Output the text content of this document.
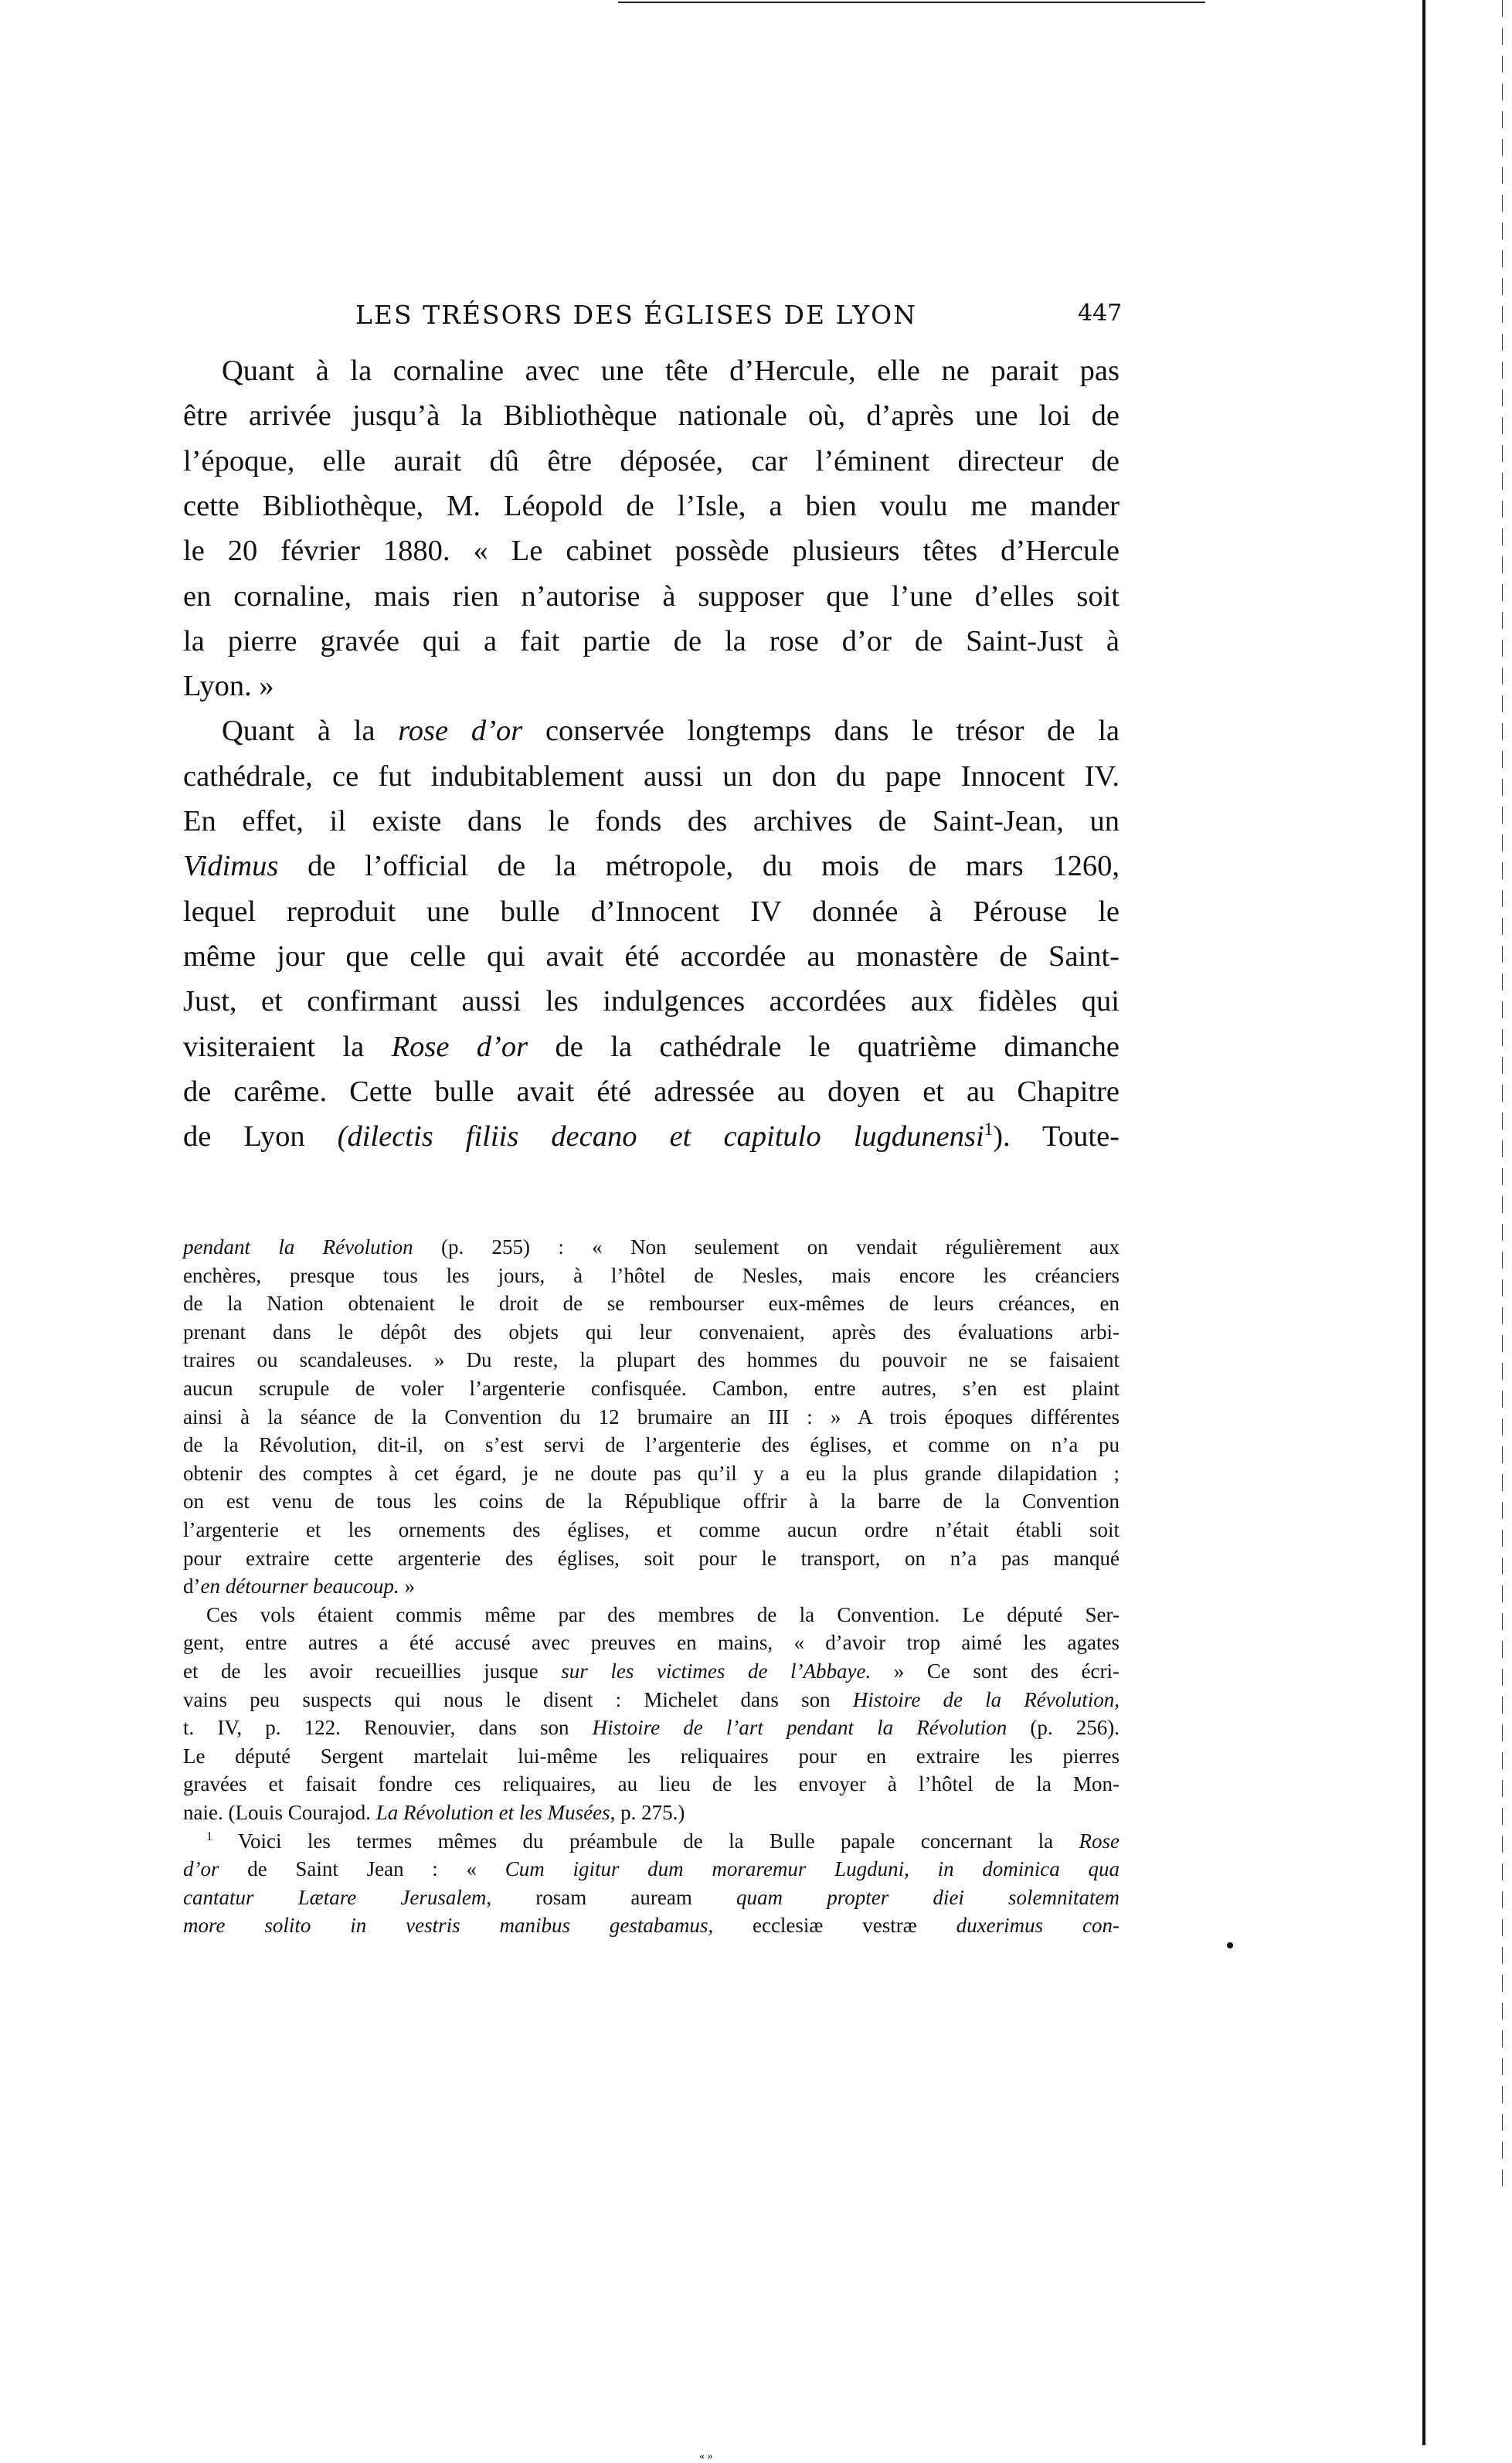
LES TRÉSORS DES ÉGLISES DE LYON	447
Quant à la cornaline avec une tête d’Hercule, elle ne parait pas
être arrivée jusqu’à la Bibliothèque nationale où, d’après une loi de
l’époque, elle aurait dû être déposée, car l’éminent directeur de
cette Bibliothèque, M. Léopold de l’Isle, a bien voulu me mander
le 20 février 1880. « Le cabinet possède plusieurs têtes d’Hercule
en cornaline, mais rien n’autorise à supposer que l’une d’elles soit
la pierre gravée qui a fait partie de la rose d’or de Saint-Just à
Lyon. »
Quant à la rose d’or conservée longtemps dans le trésor de la
cathédrale, ce fut indubitablement aussi un don du pape Innocent IV.
En effet, il existe dans le fonds des archives de Saint-Jean, un
Vidimus de l’official de la métropole, du mois de mars 1260,
lequel reproduit une bulle d’Innocent IV donnée à Pérouse le
même jour que celle qui avait été accordée au monastère de Saint-
Just, et confirmant aussi les indulgences accordées aux fidèles qui
visiteraient la Rose d’or de la cathédrale le quatrième dimanche
de carême. Cette bulle avait été adressée au doyen et au Chapitre
de Lyon (dilectis filiis decano et capitulo lugdunensi$^1$). Toute-
pendant la Révolution (p. 255) : « Non seulement on vendait régulièrement aux
enchères, presque tous les jours, à l’hôtel de Nesles, mais encore les créanciers
de la Nation obtenaient le droit de se rembourser eux-mêmes de leurs créances, en
prenant dans le dépôt des objets qui leur convenaient, après des évaluations arbi-
traires ou scandaleuses. » Du reste, la plupart des hommes du pouvoir ne se faisaient
aucun scrupule de voler l’argenterie confisquée. Cambon, entre autres, s’en est plaint
ainsi à la séance de la Convention du 12 brumaire an III : » A trois époques différentes
de la Révolution, dit-il, on s’est servi de l’argenterie des églises, et comme on n’a pu
obtenir des comptes à cet égard, je ne doute pas qu’il y a eu la plus grande dilapidation ;
on est venu de tous les coins de la République offrir à la barre de la Convention
l’argenterie et les ornements des églises, et comme aucun ordre n’était établi soit
pour extraire cette argenterie des églises, soit pour le transport, on n’a pas manqué
d’en détourner beaucoup. »
Ces vols étaient commis même par des membres de la Convention. Le député Ser-
gent, entre autres a été accusé avec preuves en mains, « d’avoir trop aimé les agates
et de les avoir recueillies jusque sur les victimes de l’Abbaye. » Ce sont des écri-
vains peu suspects qui nous le disent : Michelet dans son Histoire de la Révolution,
t. IV, p. 122. Renouvier, dans son Histoire de l’art pendant la Révolution (p. 256).
Le député Sergent martelait lui-même les reliquaires pour en extraire les pierres
gravées et faisait fondre ces reliquaires, au lieu de les envoyer à l’hôtel de la Mon-
naie. (Louis Courajod. La Révolution et les Musées, p. 275.)
$^1$ Voici les termes mêmes du préambule de la Bulle papale concernant la Rose
d’or de Saint Jean : « Cum igitur dum moraremur Lugduni, in dominica qua
cantatur Lætare Jerusalem, rosam auream quam propter diei solemnitatem
more solito in vestris manibus gestabamus, ecclesiæ vestræ duxerimus con-
« »
